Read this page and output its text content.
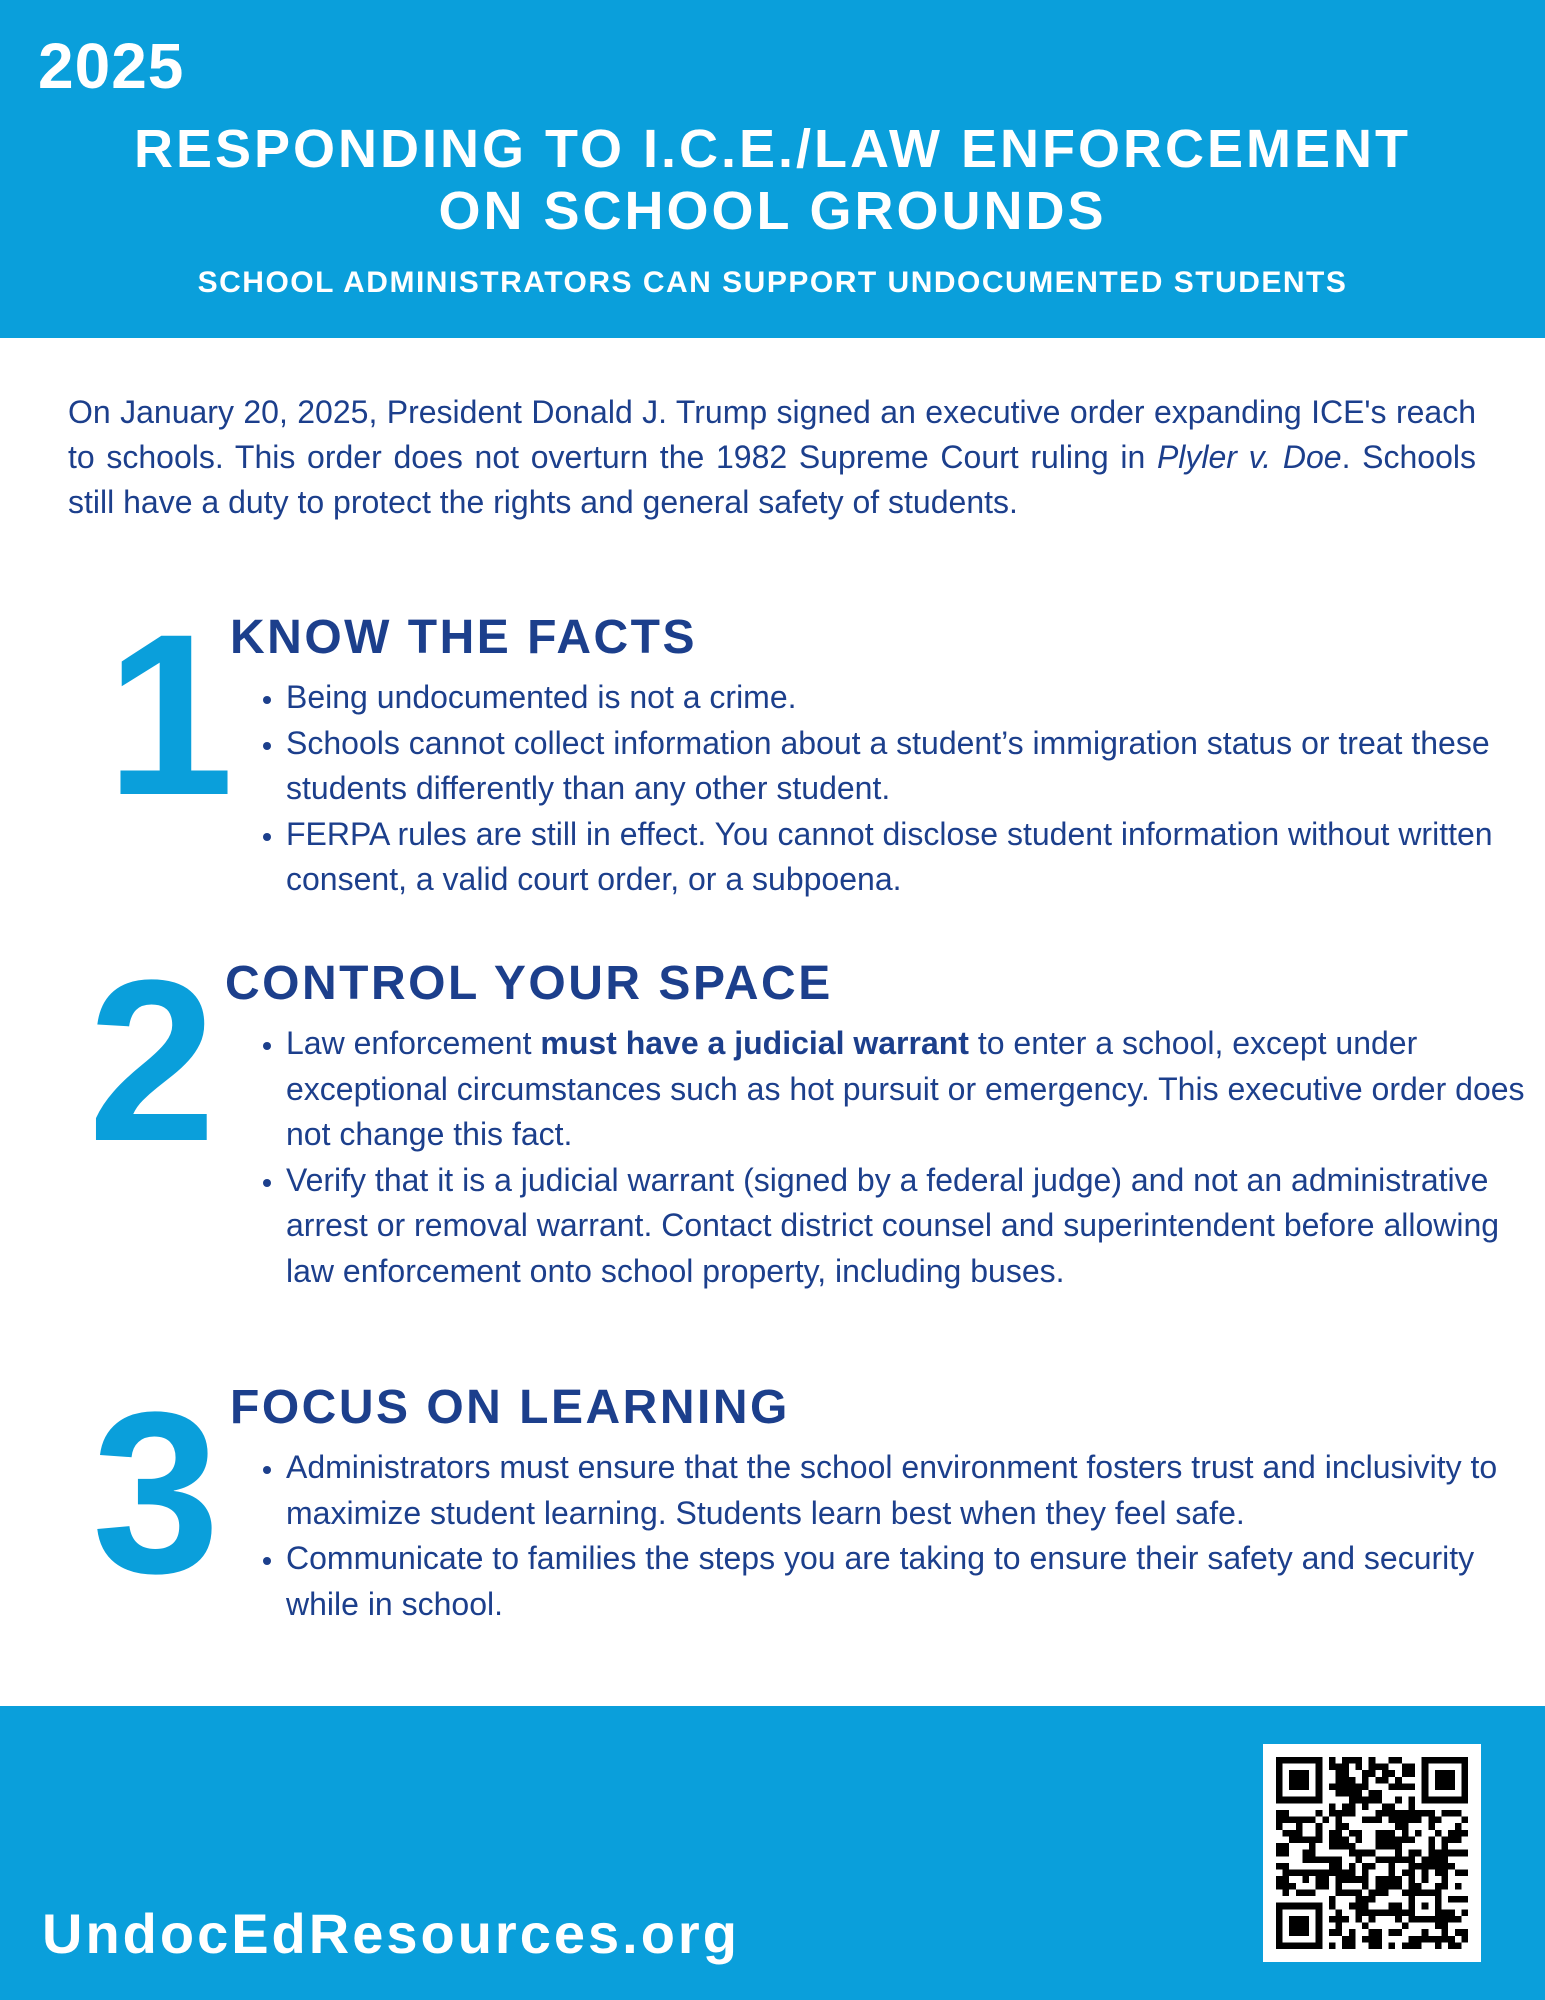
2025
RESPONDING TO I.C.E./LAW ENFORCEMENT
ON SCHOOL GROUNDS
SCHOOL ADMINISTRATORS CAN SUPPORT UNDOCUMENTED STUDENTS

On January 20, 2025, President Donald J. Trump signed an executive order expanding ICE's reach to schools. This order does not overturn the 1982 Supreme Court ruling in Plyler v. Doe. Schools still have a duty to protect the rights and general safety of students.

1 KNOW THE FACTS
• Being undocumented is not a crime.
• Schools cannot collect information about a student’s immigration status or treat these students differently than any other student.
• FERPA rules are still in effect. You cannot disclose student information without written consent, a valid court order, or a subpoena.
2 CONTROL YOUR SPACE
• Law enforcement must have a judicial warrant to enter a school, except under exceptional circumstances such as hot pursuit or emergency. This executive order does not change this fact.
• Verify that it is a judicial warrant (signed by a federal judge) and not an administrative arrest or removal warrant. Contact district counsel and superintendent before allowing law enforcement onto school property, including buses.
3 FOCUS ON LEARNING
• Administrators must ensure that the school environment fosters trust and inclusivity to maximize student learning. Students learn best when they feel safe.
• Communicate to families the steps you are taking to ensure their safety and security while in school.
UndocEdResources.org
